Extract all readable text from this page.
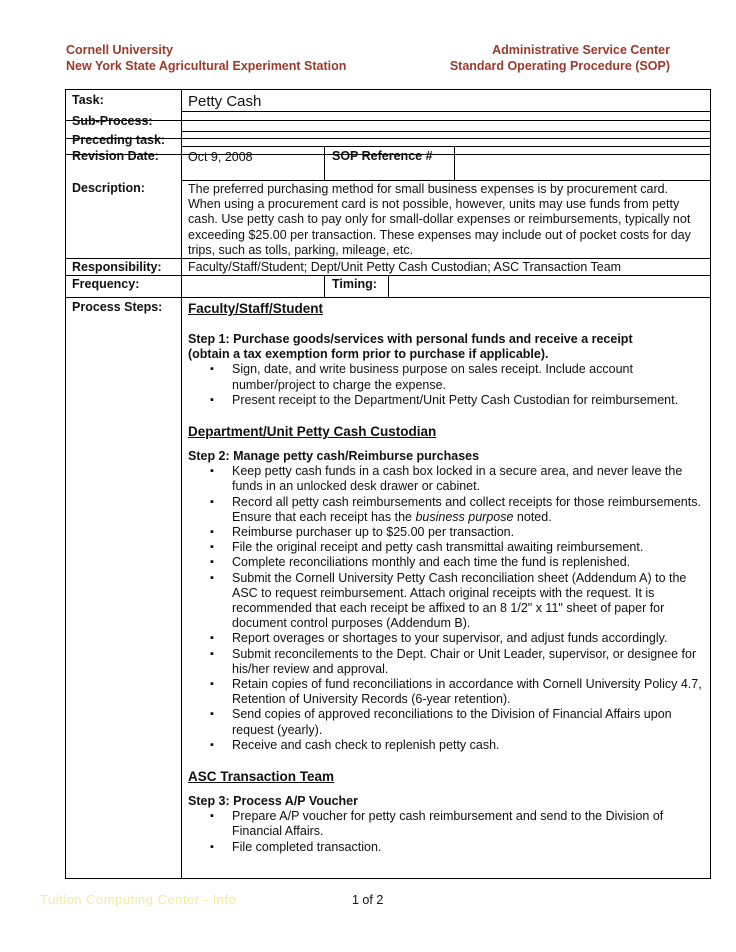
Cornell University
New York State Agricultural Experiment Station
Administrative Service Center
Standard Operating Procedure (SOP)
Task:
Sub-Process:
Preceding task:
Revision Date:
Description:
Responsibility:
Frequency:
Process Steps:
SOP Reference #
Timing:
Petty Cash
Oct 9, 2008
The preferred purchasing method for small business expenses is by procurement card. When using a procurement card is not possible, however, units may use funds from petty cash. Use petty cash to pay only for small-dollar expenses or reimbursements, typically not exceeding $25.00 per transaction. These expenses may include out of pocket costs for day trips, such as tolls, parking, mileage, etc.
Faculty/Staff/Student; Dept/Unit Petty Cash Custodian; ASC Transaction Team

Faculty/Staff/Student

Step 1: Purchase goods/services with personal funds and receive a receipt

(obtain a tax exemption form prior to purchase if applicable).

▪ Sign, date, and write business purpose on sales receipt. Include account number/project to charge the expense.
▪ Present receipt to the Department/Unit Petty Cash Custodian for reimbursement.

Department/Unit Petty Cash Custodian

Step 2: Manage petty cash/Reimburse purchases

▪ Keep petty cash funds in a cash box locked in a secure area, and never leave the funds in an unlocked desk drawer or cabinet.
▪ Record all petty cash reimbursements and collect receipts for those reimbursements. Ensure that each receipt has the business purpose noted.
▪ Reimburse purchaser up to $25.00 per transaction.
▪ File the original receipt and petty cash transmittal awaiting reimbursement.
▪ Complete reconciliations monthly and each time the fund is replenished.
▪ Submit the Cornell University Petty Cash reconciliation sheet (Addendum A) to the ASC to request reimbursement. Attach original receipts with the request. It is recommended that each receipt be affixed to an 8 1/2" x 11" sheet of paper for document control purposes (Addendum B).
▪ Report overages or shortages to your supervisor, and adjust funds accordingly.
▪ Submit reconcilements to the Dept. Chair or Unit Leader, supervisor, or designee for his/her review and approval.
▪ Retain copies of fund reconciliations in accordance with Cornell University Policy 4.7, Retention of University Records (6-year retention).
▪ Send copies of approved reconciliations to the Division of Financial Affairs upon request (yearly).
▪ Receive and cash check to replenish petty cash.

ASC Transaction Team

Step 3: Process A/P Voucher

▪ Prepare A/P voucher for petty cash reimbursement and send to the Division of Financial Affairs.
▪ File completed transaction.
Tuition Computing Center - Info	1 of 2
